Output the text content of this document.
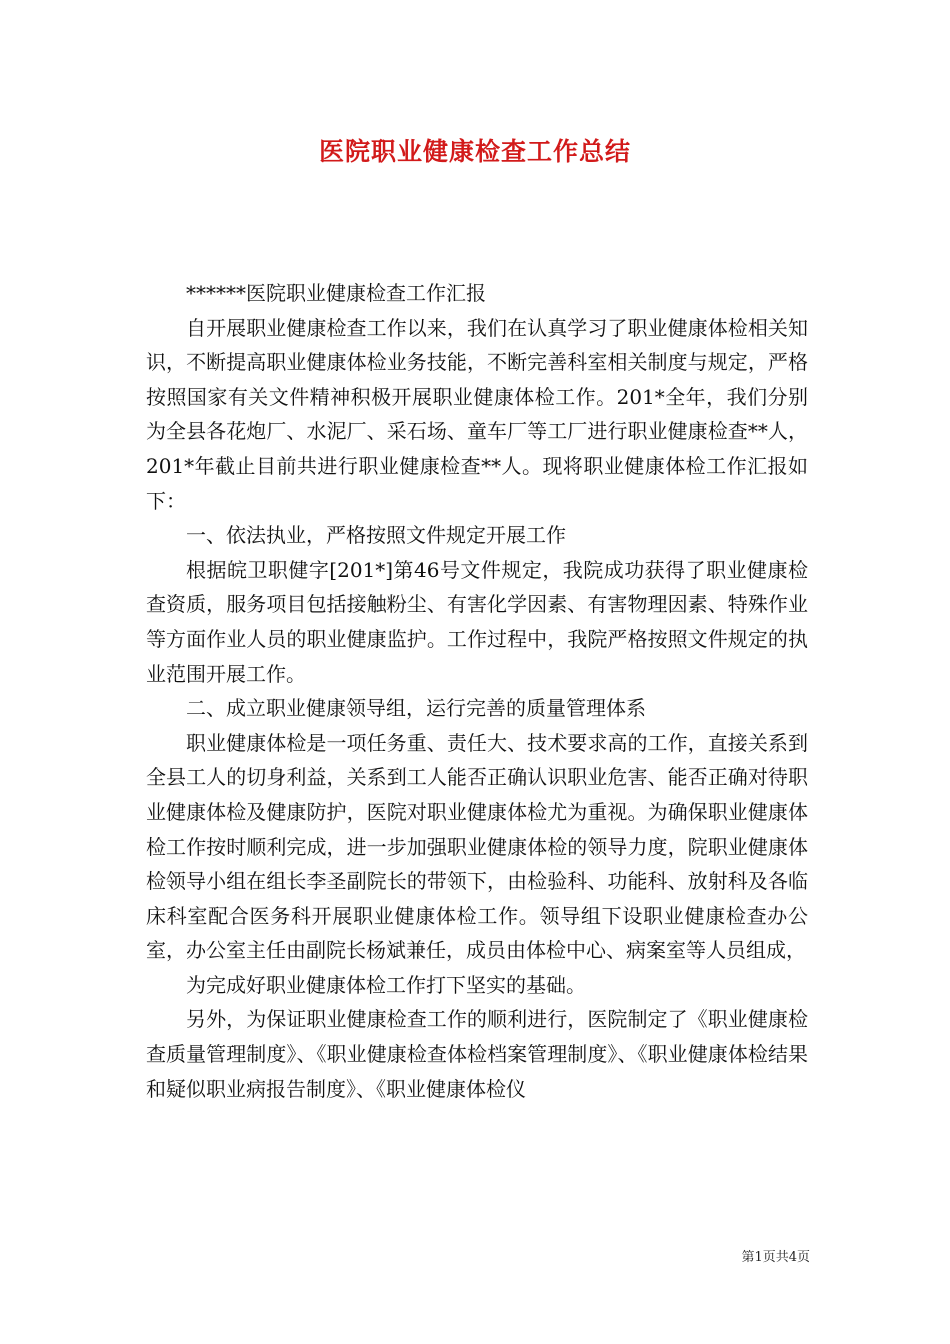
医院职业健康检查工作总结

******医院职业健康检查工作汇报

自开展职业健康检查工作以来，我们在认真学习了职业健康体检相关知识，不断提高职业健康体检业务技能，不断完善科室相关制度与规定，严格按照国家有关文件精神积极开展职业健康体检工作。201*全年，我们分别为全县各花炮厂、水泥厂、采石场、童车厂等工厂进行职业健康检查**人，201*年截止目前共进行职业健康检查**人。现将职业健康体检工作汇报如下：

一、依法执业，严格按照文件规定开展工作

根据皖卫职健字[201*]第46号文件规定，我院成功获得了职业健康检查资质，服务项目包括接触粉尘、有害化学因素、有害物理因素、特殊作业等方面作业人员的职业健康监护。工作过程中，我院严格按照文件规定的执业范围开展工作。

二、成立职业健康领导组，运行完善的质量管理体系

职业健康体检是一项任务重、责任大、技术要求高的工作，直接关系到全县工人的切身利益，关系到工人能否正确认识职业危害、能否正确对待职业健康体检及健康防护，医院对职业健康体检尤为重视。为确保职业健康体检工作按时顺利完成，进一步加强职业健康体检的领导力度，院职业健康体检领导小组在组长李圣副院长的带领下，由检验科、功能科、放射科及各临床科室配合医务科开展职业健康体检工作。领导组下设职业健康检查办公室，办公室主任由副院长杨斌兼任，成员由体检中心、病案室等人员组成，

为完成好职业健康体检工作打下坚实的基础。

另外，为保证职业健康检查工作的顺利进行，医院制定了《职业健康检查质量管理制度》、《职业健康检查体检档案管理制度》、《职业健康体检结果和疑似职业病报告制度》、《职业健康体检仪

第1页共4页
